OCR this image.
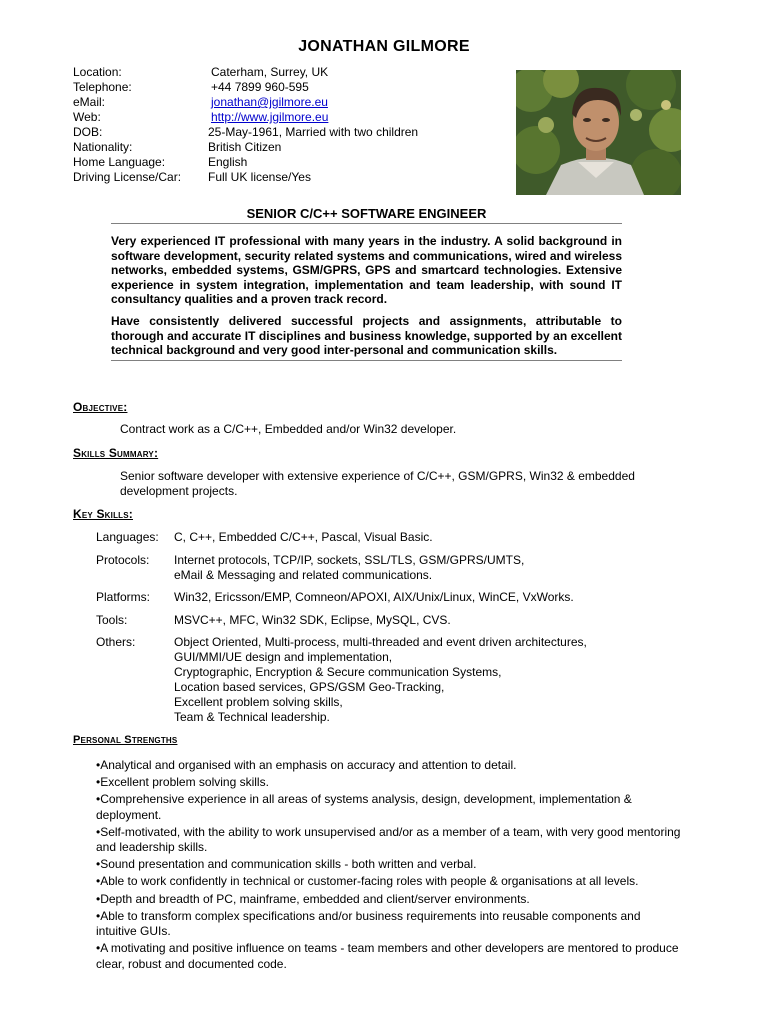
JONATHAN GILMORE
Location:	Caterham, Surrey, UK
Telephone:	+44 7899 960-595
eMail:	jonathan@jgilmore.eu
Web:	http://www.jgilmore.eu
DOB:	25-May-1961, Married with two children
Nationality:	British Citizen
Home Language:	English
Driving License/Car: Full UK license/Yes
SENIOR C/C++ SOFTWARE ENGINEER

Very experienced IT professional with many years in the industry. A solid background in software development, security related systems and communications, wired and wireless networks, embedded systems, GSM/GPRS, GPS and smartcard technologies. Extensive experience in system integration, implementation and team leadership, with sound IT consultancy qualities and a proven track record.

Have consistently delivered successful projects and assignments, attributable to thorough and accurate IT disciplines and business knowledge, supported by an excellent technical background and very good inter-personal and communication skills.

Objective:
Contract work as a C/C++, Embedded and/or Win32 developer.
Skills Summary:
Senior software developer with extensive experience of C/C++, GSM/GPRS, Win32 & embedded development projects.
Key Skills:
Languages:	C, C++, Embedded C/C++, Pascal, Visual Basic.
Protocols:	Internet protocols, TCP/IP, sockets, SSL/TLS, GSM/GPRS/UMTS,
eMail & Messaging and related communications.
Platforms:	Win32, Ericsson/EMP, Comneon/APOXI, AIX/Unix/Linux, WinCE, VxWorks.
Tools:	MSVC++, MFC, Win32 SDK, Eclipse, MySQL, CVS.
Others:	Object Oriented, Multi-process, multi-threaded and event driven architectures,
GUI/MMI/UE design and implementation,
Cryptographic, Encryption & Secure communication Systems,
Location based services, GPS/GSM Geo-Tracking,
Excellent problem solving skills,
Team & Technical leadership.
Personal Strengths
•Analytical and organised with an emphasis on accuracy and attention to detail.
•Excellent problem solving skills.
•Comprehensive experience in all areas of systems analysis, design, development, implementation & deployment.
•Self-motivated, with the ability to work unsupervised and/or as a member of a team, with very good mentoring and leadership skills.
•Sound presentation and communication skills - both written and verbal.
•Able to work confidently in technical or customer-facing roles with people & organisations at all levels.
•Depth and breadth of PC, mainframe, embedded and client/server environments.
•Able to transform complex specifications and/or business requirements into reusable components and intuitive GUIs.
•A motivating and positive influence on teams - team members and other developers are mentored to produce clear, robust and documented code.
